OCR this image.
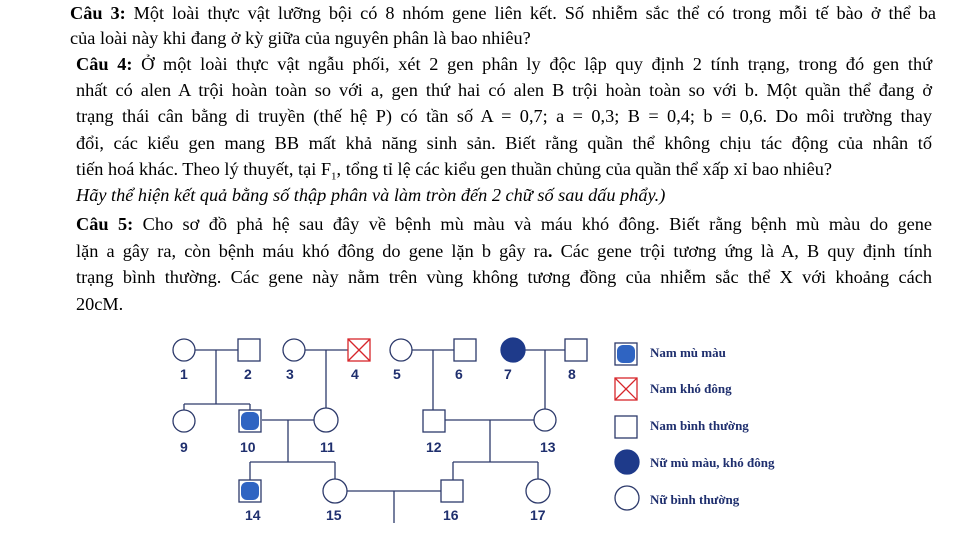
Câu 3: Một loài thực vật lưỡng bội có 8 nhóm gene liên kết. Số nhiễm sắc thể có trong mỗi tế bào ở thể ba
của loài này khi đang ở kỳ giữa của nguyên phân là bao nhiêu?
Câu 4: Ở một loài thực vật ngẫu phối, xét 2 gen phân ly độc lập quy định 2 tính trạng, trong đó gen thứ
nhất có alen A trội hoàn toàn so với a, gen thứ hai có alen B trội hoàn toàn so với b. Một quần thể đang ở
trạng thái cân bằng di truyền (thế hệ P) có tần số A = 0,7; a = 0,3; B = 0,4; b = 0,6. Do môi trường thay
đổi, các kiểu gen mang BB mất khả năng sinh sản. Biết rằng quần thể không chịu tác động của nhân tố
tiến hoá khác. Theo lý thuyết, tại $F_1$, tổng tỉ lệ các kiểu gen thuần chủng của quần thể xấp xỉ bao nhiêu?
Hãy thể hiện kết quả bằng số thập phân và làm tròn đến 2 chữ số sau dấu phẩy.)
Câu 5: Cho sơ đồ phả hệ sau đây về bệnh mù màu và máu khó đông. Biết rằng bệnh mù màu do gene
lặn a gây ra, còn bệnh máu khó đông do gene lặn b gây ra. Các gene trội tương ứng là A, B quy định tính
trạng bình thường. Các gene này nằm trên vùng không tương đồng của nhiễm sắc thể X với khoảng cách
20cM.
1	2 3	4 5	6	7	8
9	10	11	12	13
14	15	16	17
Nam mù màu
Nam khó đông
Nam bình thường
Nữ mù màu, khó đông
Nữ bình thường
